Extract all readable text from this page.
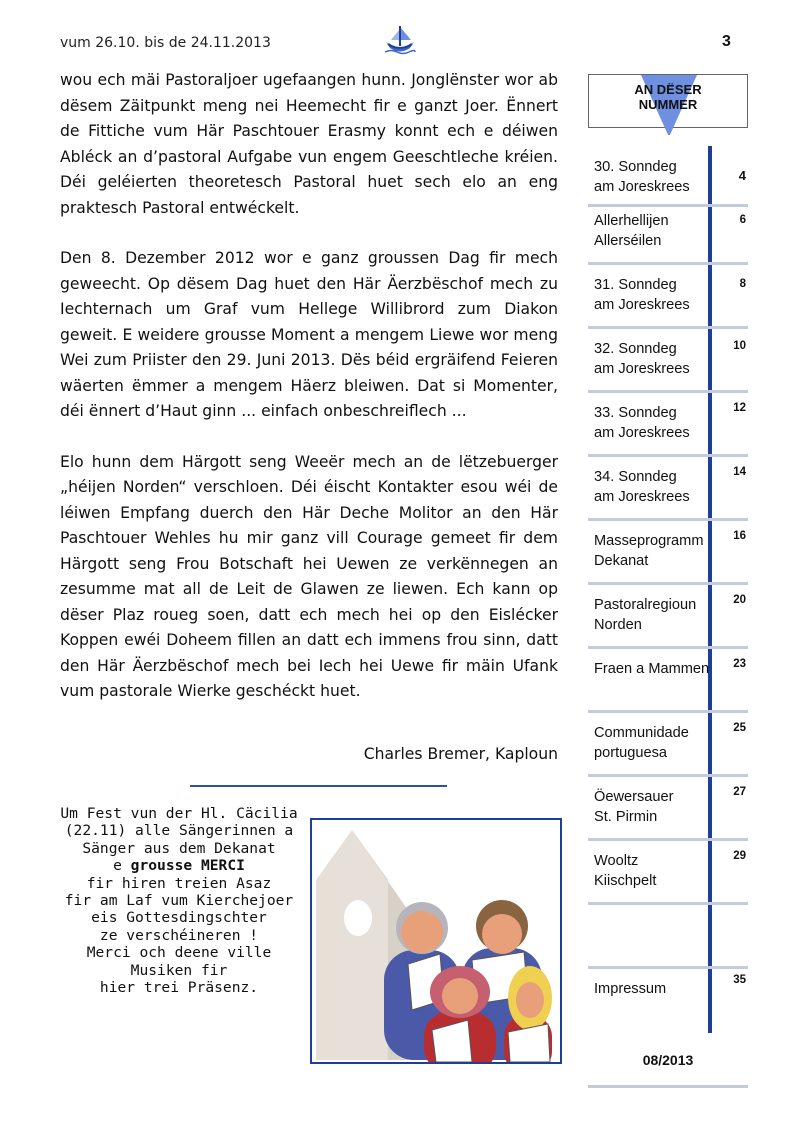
vum 26.10. bis de 24.11.2013	3

wou ech mäi Pastoraljoer ugefaangen hunn. Jonglënster wor ab dësem Zäitpunkt meng nei Heemecht fir e ganzt Joer. Ënnert de Fittiche vum Här Paschtouer Erasmy konnt ech e déiwen Abléck an d’pastoral Aufgabe vun engem Geeschtleche kréien. Déi geléierten theoretesch Pastoral huet sech elo an eng praktesch Pastoral entwéckelt.

Den 8. Dezember 2012 wor e ganz groussen Dag fir mech geweecht. Op dësem Dag huet den Här Äerzbëschof mech zu Iechternach um Graf vum Hellege Willibrord zum Diakon geweit. E weidere grousse Moment a mengem Liewe wor meng Wei zum Priister den 29. Juni 2013. Dës béid ergräifend Feieren wäerten ëmmer a mengem Häerz bleiwen. Dat si Momenter, déi ënnert d’Haut ginn ... einfach onbeschreiflech ...

Elo hunn dem Härgott seng Weeër mech an de lëtzebuerger „héijen Norden“ verschloen. Déi éischt Kontakter esou wéi de léiwen Empfang duerch den Här Deche Molitor an den Här Paschtouer Wehles hu mir ganz vill Courage gemeet fir dem Härgott seng Frou Botschaft hei Uewen ze verkënnegen an zesumme mat all de Leit de Glawen ze liewen. Ech kann op dëser Plaz roueg soen, datt ech mech hei op den Eislécker Koppen ewéi Doheem fillen an datt ech immens frou sinn, datt den Här Äerzbëschof mech bei Iech hei Uewe fir mäin Ufank vum pastorale Wierke geschéckt huet.

Charles Bremer, Kaploun
Um Fest vun der Hl. Cäcilia
(22.11) alle Sängerinnen a
Sänger aus dem Dekanat
e grousse MERCI
fir hiren treien Asaz
fir am Laf vum Kierchejoer
eis Gottesdingschter
ze verschéineren !
Merci och deene ville
Musiken fir
hier trei Präsenz.
AN DËSER
NUMMER
30. Sonndeg
am Joreskrees
4
Allerhellijen
Allerséilen
6
31. Sonndeg
am Joreskrees
8
32. Sonndeg
am Joreskrees
10
33. Sonndeg
am Joreskrees
12
34. Sonndeg
am Joreskrees
14
Masseprogramm
Dekanat
16
Pastoralregioun
Norden
20
Fraen a Mammen 23
Communidade
portuguesa
25
Öewersauer
St. Pirmin
27
Wooltz
Kiischpelt
29
Impressum
35
08/2013
